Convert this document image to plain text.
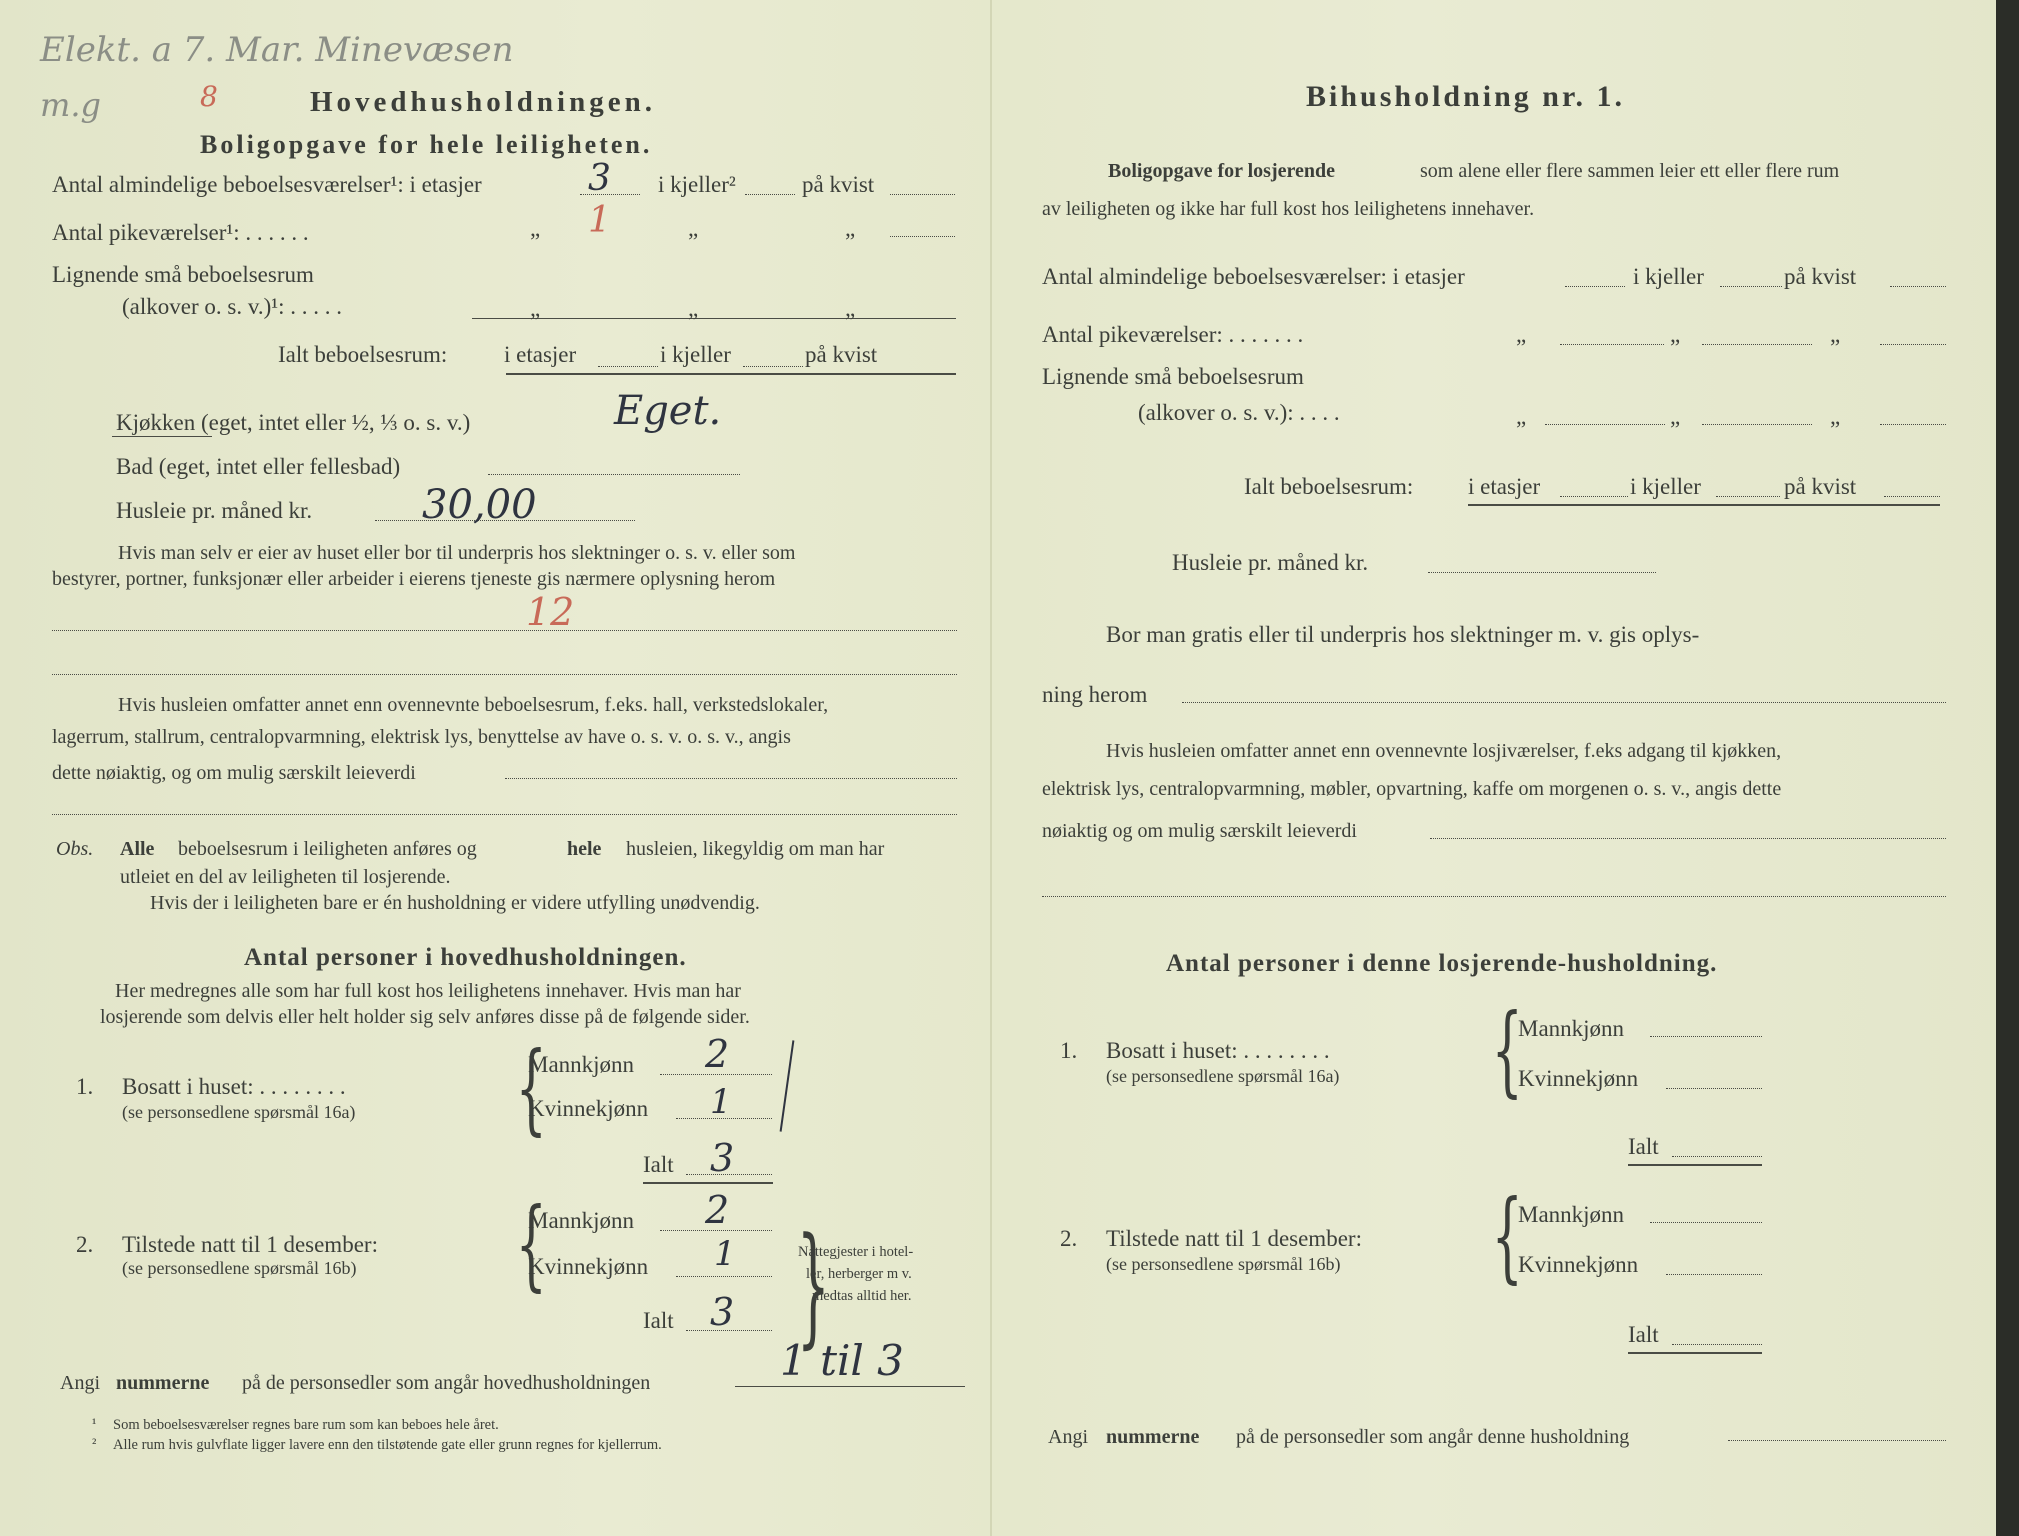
Elekt. a 7. Mar. Minevæsen
m.g	8	Hovedhusholdningen.
Boligopgave for hele leiligheten.
Antal almindelige beboelsesværelser¹: i etasjer	3 i kjeller²	på kvist
Antal pikeværelser¹: . . . . . .	„ 1	„	„
Lignende små beboelsesrum
(alkover o. s. v.)¹: . . . . .	„	„	„
Ialt beboelsesrum: i etasjer	i kjeller	på kvist
Kjøkken (eget, intet eller ½, ⅓ o. s. v.)	Eget.
Bad (eget, intet eller fellesbad)
Husleie pr. måned kr.	30,00
Hvis man selv er eier av huset eller bor til underpris hos slektninger o. s. v. eller som
bestyrer, portner, funksjonær eller arbeider i eierens tjeneste gis nærmere oplysning herom
12
Hvis husleien omfatter annet enn ovennevnte beboelsesrum, f.eks. hall, verkstedslokaler,
lagerrum, stallrum, centralopvarmning, elektrisk lys, benyttelse av have o. s. v. o. s. v., angis
dette nøiaktig, og om mulig særskilt leieverdi
Obs. Alle beboelsesrum i leiligheten anføres og	hele husleien, likegyldig om man har
utleiet en del av leiligheten til losjerende.
Hvis der i leiligheten bare er én husholdning er videre utfylling unødvendig.
Antal personer i hovedhusholdningen.
Her medregnes alle som har full kost hos leilighetens innehaver. Hvis man har
losjerende som delvis eller helt holder sig selv anføres disse på de følgende sider.
1. Bosatt i huset: . . . . . . . .
(se personsedlene spørsmål 16a) {
Mannkjønn 2
Kvinnekjønn 1
Ialt 3
2. Tilstede natt til 1 desember:
(se personsedlene spørsmål 16b) {
Mannkjønn 2
Kvinnekjønn 1
Ialt 3 }
Nattegjester i hotel-
ler, herberger m v.
medtas alltid her.
Angi nummerne på de personsedler som angår hovedhusholdningen	1 til 3
¹ Som beboelsesværelser regnes bare rum som kan beboes hele året.
² Alle rum hvis gulvflate ligger lavere enn den tilstøtende gate eller grunn regnes for kjellerrum.
Bihusholdning nr. 1.
Boligopgave for losjerende	som alene eller flere sammen leier ett eller flere rum
av leiligheten og ikke har full kost hos leilighetens innehaver.
Antal almindelige beboelsesværelser: i etasjer	i kjeller	på kvist
Antal pikeværelser: . . . . . . .	„	„	„
Lignende små beboelsesrum
(alkover o. s. v.): . . . .	„	„	„
Ialt beboelsesrum: i etasjer	i kjeller	på kvist
Husleie pr. måned kr.
Bor man gratis eller til underpris hos slektninger m. v. gis oplys-
ning herom
Hvis husleien omfatter annet enn ovennevnte losjiværelser, f.eks adgang til kjøkken,
elektrisk lys, centralopvarmning, møbler, opvartning, kaffe om morgenen o. s. v., angis dette
nøiaktig og om mulig særskilt leieverdi
Antal personer i denne losjerende-husholdning.
1. Bosatt i huset: . . . . . . . .
(se personsedlene spørsmål 16a) {
Mannkjønn
Kvinnekjønn
Ialt
2. Tilstede natt til 1 desember:
(se personsedlene spørsmål 16b) {
Mannkjønn
Kvinnekjønn
Ialt
Angi nummerne på de personsedler som angår denne husholdning
